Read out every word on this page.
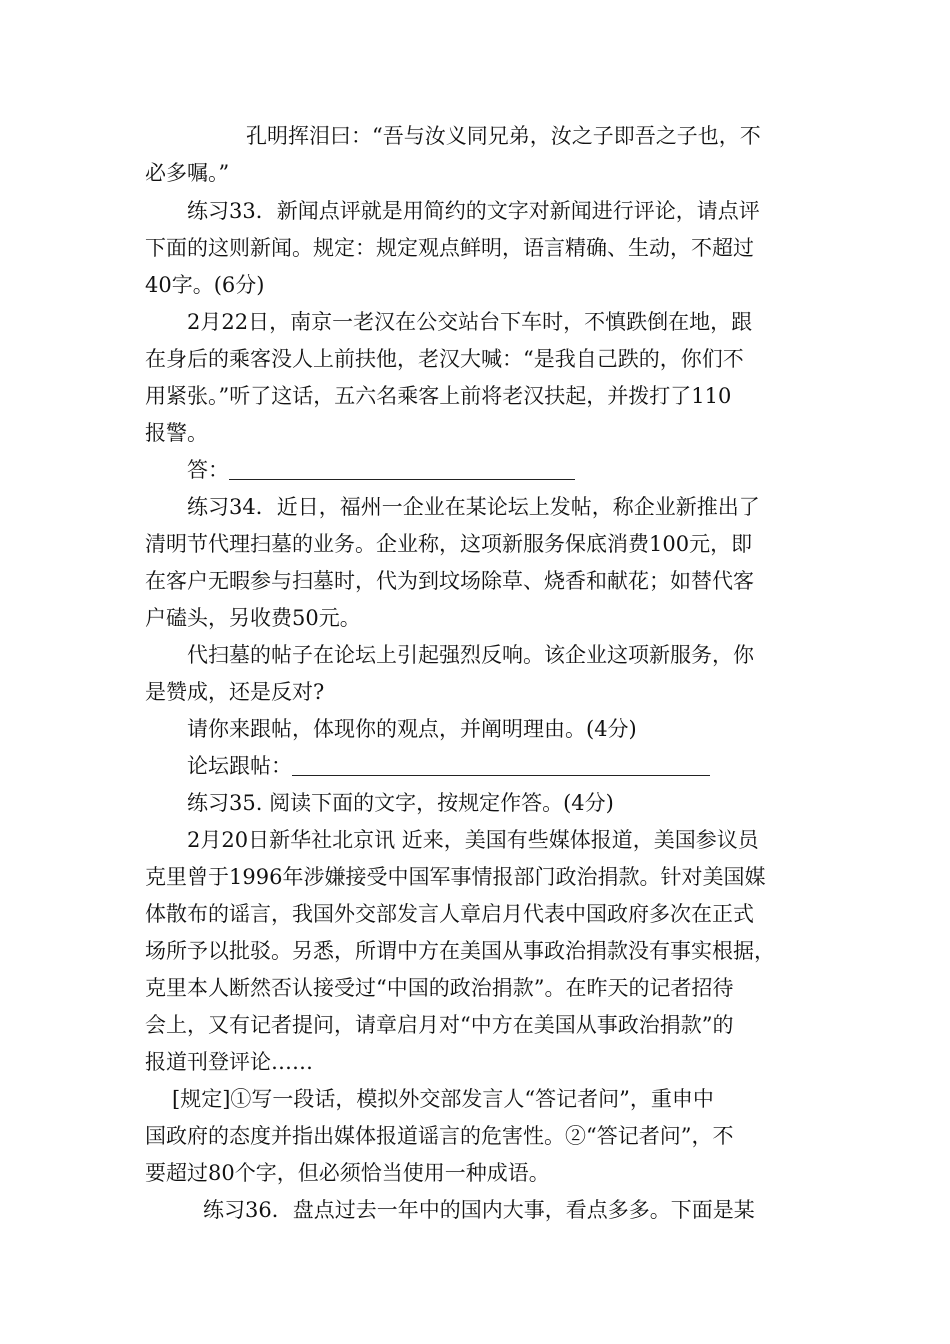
孔明挥泪曰：“吾与汝义同兄弟，汝之子即吾之子也，不
必多嘱。”
练习33．新闻点评就是用简约的文字对新闻进行评论，请点评
下面的这则新闻。规定：规定观点鲜明，语言精确、生动，不超过
40字。(6分)
2月22日，南京一老汉在公交站台下车时，不慎跌倒在地，跟
在身后的乘客没人上前扶他，老汉大喊：“是我自己跌的，你们不
用紧张。”听了这话，五六名乘客上前将老汉扶起，并拨打了110
报警。
答：
练习34．近日，福州一企业在某论坛上发帖，称企业新推出了
清明节代理扫墓的业务。企业称，这项新服务保底消费100元，即
在客户无暇参与扫墓时，代为到坟场除草、烧香和献花；如替代客
户磕头，另收费50元。
代扫墓的帖子在论坛上引起强烈反响。该企业这项新服务，你
是赞成，还是反对?
请你来跟帖，体现你的观点，并阐明理由。(4分)
论坛跟帖：
练习35. 阅读下面的文字，按规定作答。(4分)
2月20日新华社北京讯 近来，美国有些媒体报道，美国参议员
克里曾于1996年涉嫌接受中国军事情报部门政治捐款。针对美国媒
体散布的谣言，我国外交部发言人章启月代表中国政府多次在正式
场所予以批驳。另悉，所谓中方在美国从事政治捐款没有事实根据，
克里本人断然否认接受过“中国的政治捐款”。在昨天的记者招待
会上，又有记者提问，请章启月对“中方在美国从事政治捐款”的
报道刊登评论……
[规定]①写一段话，模拟外交部发言人“答记者问”，重申中
国政府的态度并指出媒体报道谣言的危害性。②“答记者问”，不
要超过80个字，但必须恰当使用一种成语。
练习36．盘点过去一年中的国内大事，看点多多。下面是某
